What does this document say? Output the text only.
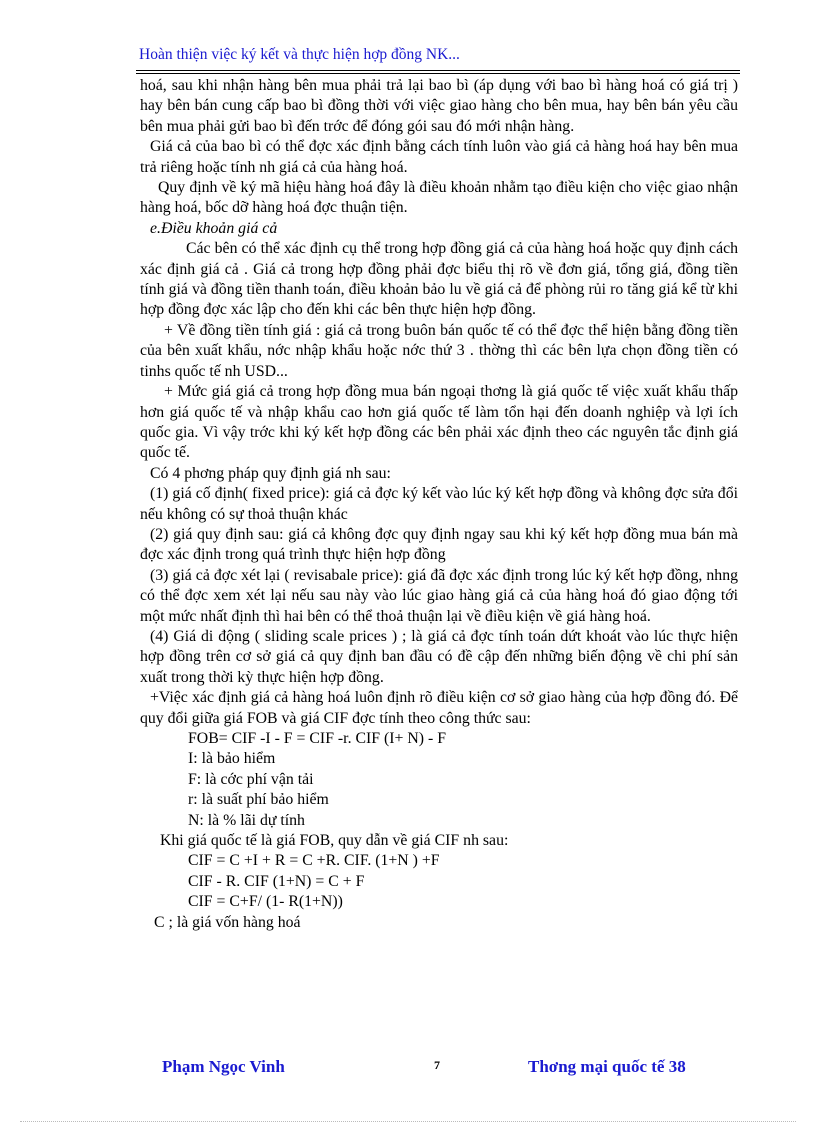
Hoàn thiện việc ký kết và thực hiện hợp đồng NK...

hoá, sau khi nhận hàng bên mua phải trả lại bao bì (áp dụng với bao bì hàng hoá có giá trị ) hay bên bán cung cấp bao bì đồng thời với việc giao hàng cho bên mua, hay bên bán yêu cầu bên mua phải gửi bao bì đến trớc để đóng gói sau đó mới nhận hàng.

Giá cả của bao bì có thể đợc xác định bằng cách tính luôn vào giá cả hàng hoá hay bên mua trả riêng hoặc tính nh giá cả của hàng hoá.

Quy định về ký mã hiệu hàng hoá đây là điều khoản nhằm tạo điều kiện cho việc giao nhận hàng hoá, bốc dỡ hàng hoá đợc thuận tiện.

e.Điều khoản giá cả

Các bên có thể xác định cụ thể trong hợp đồng giá cả của hàng hoá hoặc quy định cách xác định giá cả . Giá cả trong hợp đồng phải đợc biểu thị rõ về đơn giá, tổng giá, đồng tiền tính giá và đồng tiền thanh toán, điều khoản bảo lu về giá cả để phòng rủi ro tăng giá kể từ khi hợp đồng đợc xác lập cho đến khi các bên thực hiện hợp đồng.

+ Về đồng tiền tính giá : giá cả trong buôn bán quốc tế có thể đợc thể hiện bằng đồng tiền của bên xuất khẩu, nớc nhập khẩu hoặc nớc thứ 3 . thờng thì các bên lựa chọn đồng tiền có tinhs quốc tế nh USD...

+ Mức giá giá cả trong hợp đồng mua bán ngoại thơng là giá quốc tế việc xuất khẩu thấp hơn giá quốc tế và nhập khẩu cao hơn giá quốc tế làm tổn hại đến doanh nghiệp và lợi ích quốc gia. Vì vậy trớc khi ký kết hợp đồng các bên phải xác định theo các nguyên tắc định giá quốc tế.

Có 4 phơng pháp quy định giá nh sau:

(1) giá cố định( fixed price): giá cả đợc ký kết vào lúc ký kết hợp đồng và không đợc sửa đổi nếu không có sự thoả thuận khác

(2) giá quy định sau: giá cả không đợc quy định ngay sau khi ký kết hợp đồng mua bán mà đợc xác định trong quá trình thực hiện hợp đồng

(3) giá cả đợc xét lại ( revisabale price): giá đã đợc xác định trong lúc ký kết hợp đồng, nhng có thể đợc xem xét lại nếu sau này vào lúc giao hàng giá cả của hàng hoá đó giao động tới một mức nhất định thì hai bên có thể thoả thuận lại về điều kiện về giá hàng hoá.

(4) Giá di động ( sliding scale prices ) ; là giá cả đợc tính toán dứt khoát vào lúc thực hiện hợp đồng trên cơ sở giá cả quy định ban đầu có đề cập đến những biến động về chi phí sản xuất trong thời kỳ thực hiện hợp đồng.

+Việc xác định giá cả hàng hoá luôn định rõ điều kiện cơ sở giao hàng của hợp đồng đó. Để quy đổi giữa giá FOB và giá CIF đợc tính theo công thức sau:

FOB= CIF -I - F = CIF -r. CIF (I+ N) - F

I: là bảo hiểm

F: là cớc phí vận tải

r: là suất phí bảo hiểm

N: là % lãi dự tính

Khi giá quốc tế là giá FOB, quy dẫn về giá CIF nh sau:

CIF = C +I + R = C +R. CIF. (1+N ) +F

CIF - R. CIF (1+N) = C + F

CIF = C+F/ (1- R(1+N))

C ; là giá vốn hàng hoá

Phạm Ngọc Vinh	7	Thơng mại quốc tế 38
